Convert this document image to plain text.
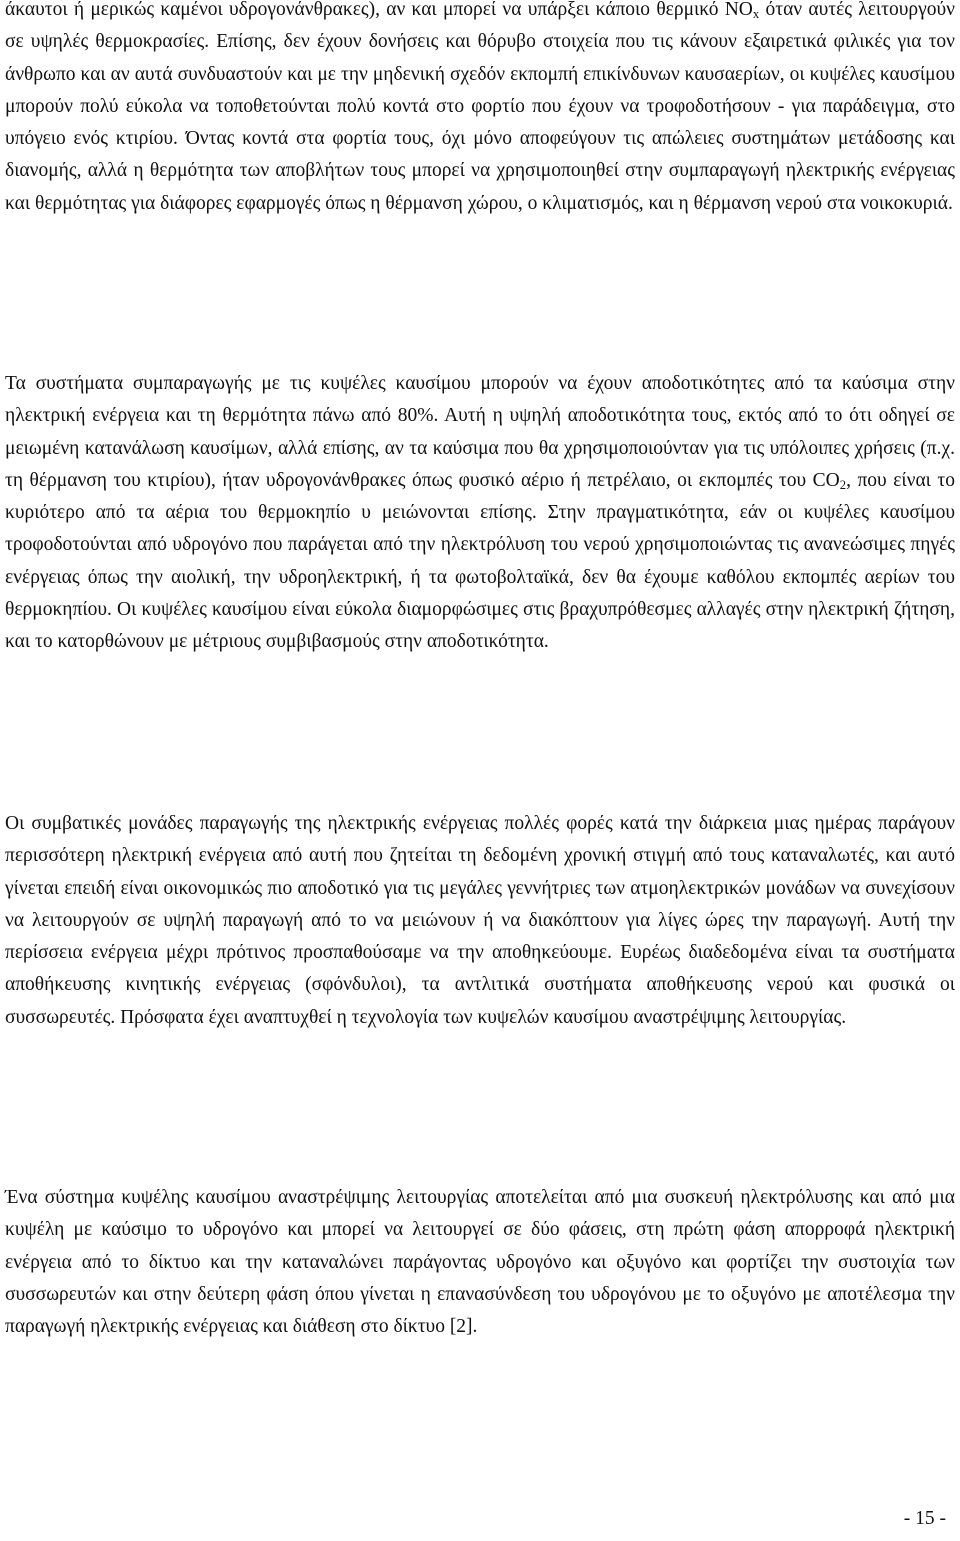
άκαυτοι ή μερικώς καμένοι υδρογονάνθρακες), αν και μπορεί να υπάρξει κάποιο θερμικό $NO_x$ όταν αυτές λειτουργούν σε υψηλές θερμοκρασίες. Επίσης, δεν έχουν δονήσεις και θόρυβο στοιχεία που τις κάνουν εξαιρετικά φιλικές για τον άνθρωπο και αν αυτά συνδυαστούν και με την μηδενική σχεδόν εκπομπή επικίνδυνων καυσαερίων, οι κυψέλες καυσίμου μπορούν πολύ εύκολα να τοποθετούνται πολύ κοντά στο φορτίο που έχουν να τροφοδοτήσουν - για παράδειγμα, στο υπόγειο ενός κτιρίου. Όντας κοντά στα φορτία τους, όχι μόνο αποφεύγουν τις απώλειες συστημάτων μετάδοσης και διανομής, αλλά η θερμότητα των αποβλήτων τους μπορεί να χρησιμοποιηθεί στην συμπαραγωγή ηλεκτρικής ενέργειας και θερμότητας για διάφορες εφαρμογές όπως η θέρμανση χώρου, ο κλιματισμός, και η θέρμανση νερού στα νοικοκυριά.

Τα συστήματα συμπαραγωγής με τις κυψέλες καυσίμου μπορούν να έχουν αποδοτικότητες από τα καύσιμα στην ηλεκτρική ενέργεια και τη θερμότητα πάνω από 80%. Αυτή η υψηλή αποδοτικότητα τους, εκτός από το ότι οδηγεί σε μειωμένη κατανάλωση καυσίμων, αλλά επίσης, αν τα καύσιμα που θα χρησιμοποιούνταν για τις υπόλοιπες χρήσεις (π.χ. τη θέρμανση του κτιρίου), ήταν υδρογονάνθρακες όπως φυσικό αέριο ή πετρέλαιο, οι εκπομπές του $CO_2$, που είναι το κυριότερο από τα αέρια του θερμοκηπίο υ μειώνονται επίσης. Στην πραγματικότητα, εάν οι κυψέλες καυσίμου τροφοδοτούνται από υδρογόνο που παράγεται από την ηλεκτρόλυση του νερού χρησιμοποιώντας τις ανανεώσιμες πηγές ενέργειας όπως την αιολική, την υδροηλεκτρική, ή τα φωτοβολταϊκά, δεν θα έχουμε καθόλου εκπομπές αερίων του θερμοκηπίου. Οι κυψέλες καυσίμου είναι εύκολα διαμορφώσιμες στις βραχυπρόθεσμες αλλαγές στην ηλεκτρική ζήτηση, και το κατορθώνουν με μέτριους συμβιβασμούς στην αποδοτικότητα.

Οι συμβατικές μονάδες παραγωγής της ηλεκτρικής ενέργειας πολλές φορές κατά την διάρκεια μιας ημέρας παράγουν περισσότερη ηλεκτρική ενέργεια από αυτή που ζητείται τη δεδομένη χρονική στιγμή από τους καταναλωτές, και αυτό γίνεται επειδή είναι οικονομικώς πιο αποδοτικό για τις μεγάλες γεννήτριες των ατμοηλεκτρικών μονάδων να συνεχίσουν να λειτουργούν σε υψηλή παραγωγή από το να μειώνουν ή να διακόπτουν για λίγες ώρες την παραγωγή. Αυτή την περίσσεια ενέργεια μέχρι πρότινος προσπαθούσαμε να την αποθηκεύουμε. Ευρέως διαδεδομένα είναι τα συστήματα αποθήκευσης κινητικής ενέργειας (σφόνδυλοι), τα αντλιτικά συστήματα αποθήκευσης νερού και φυσικά οι συσσωρευτές. Πρόσφατα έχει αναπτυχθεί η τεχνολογία των κυψελών καυσίμου αναστρέψιμης λειτουργίας.

Ένα σύστημα κυψέλης καυσίμου αναστρέψιμης λειτουργίας αποτελείται από μια συσκευή ηλεκτρόλυσης και από μια κυψέλη με καύσιμο το υδρογόνο και μπορεί να λειτουργεί σε δύο φάσεις, στη πρώτη φάση απορροφά ηλεκτρική ενέργεια από το δίκτυο και την καταναλώνει παράγοντας υδρογόνο και οξυγόνο και φορτίζει την συστοιχία των συσσωρευτών και στην δεύτερη φάση όπου γίνεται η επανασύνδεση του υδρογόνου με το οξυγόνο με αποτέλεσμα την παραγωγή ηλεκτρικής ενέργειας και διάθεση στο δίκτυο [2].

- 15 -
